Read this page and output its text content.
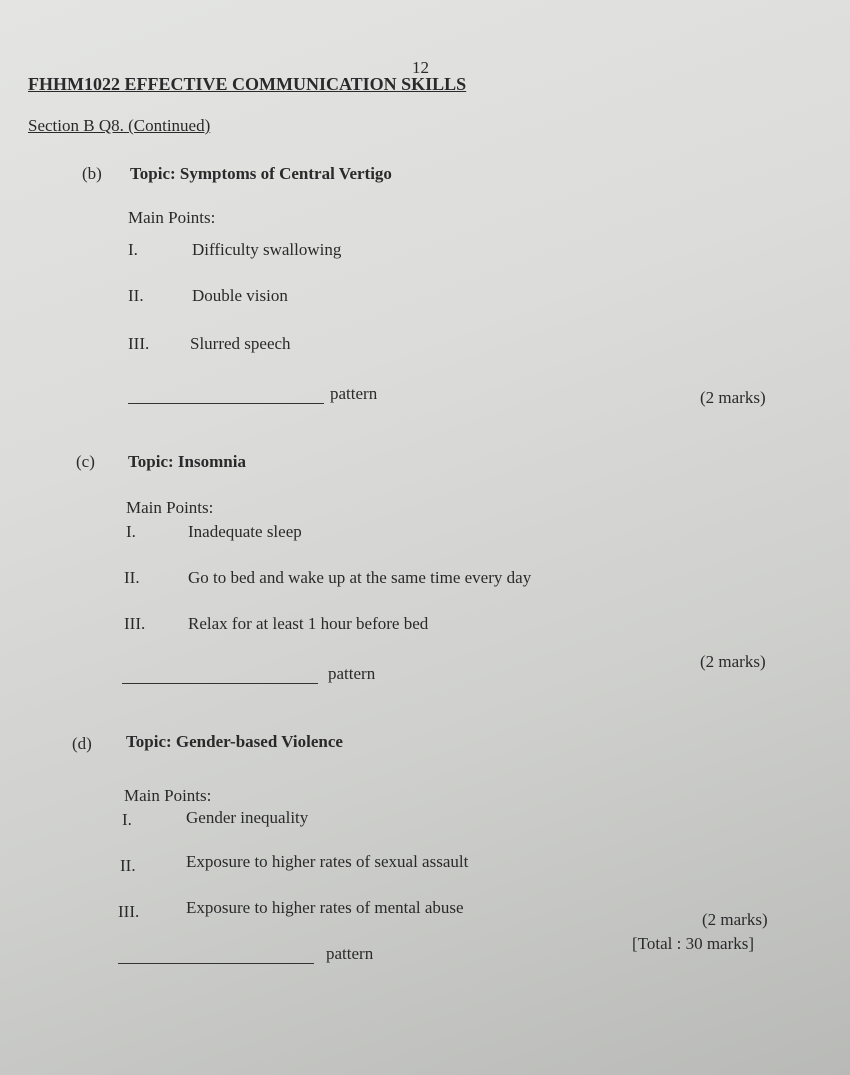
12
FHHM1022 EFFECTIVE COMMUNICATION SKILLS
Section B Q8. (Continued)
(b) Topic: Symptoms of Central Vertigo
Main Points:
I.	Difficulty swallowing
II.	Double vision
III. Slurred speech
pattern	(2 marks)
(c) Topic: Insomnia
Main Points:
I.	Inadequate sleep
II.	Go to bed and wake up at the same time every day
III.	Relax for at least 1 hour before bed
pattern
(2 marks)
(d) Topic: Gender-based Violence
Main Points:
I.	Gender inequality
II.	Exposure to higher rates of sexual assault
III.	Exposure to higher rates of mental abuse
pattern
(2 marks)
[Total : 30 marks]
